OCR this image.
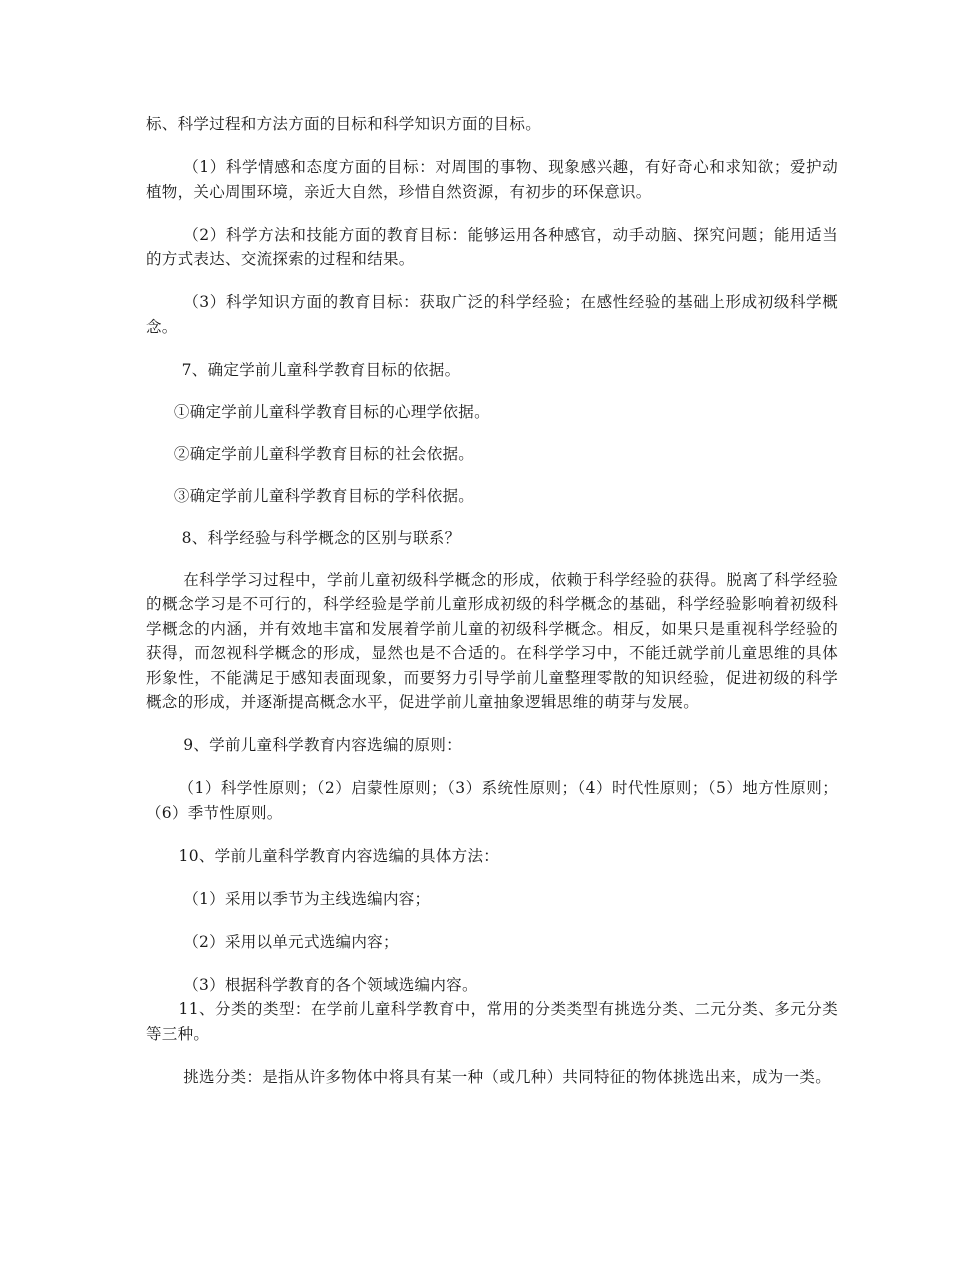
标、科学过程和方法方面的目标和科学知识方面的目标。

（1）科学情感和态度方面的目标：对周围的事物、现象感兴趣，有好奇心和求知欲；爱护动植物，关心周围环境，亲近大自然，珍惜自然资源，有初步的环保意识。

（2）科学方法和技能方面的教育目标：能够运用各种感官，动手动脑、探究问题；能用适当的方式表达、交流探索的过程和结果。

（3）科学知识方面的教育目标：获取广泛的科学经验；在感性经验的基础上形成初级科学概念。

7、确定学前儿童科学教育目标的依据。

①确定学前儿童科学教育目标的心理学依据。

②确定学前儿童科学教育目标的社会依据。

③确定学前儿童科学教育目标的学科依据。

8、科学经验与科学概念的区别与联系？

在科学学习过程中，学前儿童初级科学概念的形成，依赖于科学经验的获得。脱离了科学经验的概念学习是不可行的，科学经验是学前儿童形成初级的科学概念的基础，科学经验影响着初级科学概念的内涵，并有效地丰富和发展着学前儿童的初级科学概念。相反，如果只是重视科学经验的获得，而忽视科学概念的形成，显然也是不合适的。在科学学习中，不能迁就学前儿童思维的具体形象性，不能满足于感知表面现象，而要努力引导学前儿童整理零散的知识经验，促进初级的科学概念的形成，并逐渐提高概念水平，促进学前儿童抽象逻辑思维的萌芽与发展。

9、学前儿童科学教育内容选编的原则：

（1）科学性原则；（2）启蒙性原则；（3）系统性原则；（4）时代性原则；（5）地方性原则；（6）季节性原则。

10、学前儿童科学教育内容选编的具体方法：

（1）采用以季节为主线选编内容；

（2）采用以单元式选编内容；

（3）根据科学教育的各个领域选编内容。

11、分类的类型：在学前儿童科学教育中，常用的分类类型有挑选分类、二元分类、多元分类等三种。

挑选分类：是指从许多物体中将具有某一种（或几种）共同特征的物体挑选出来，成为一类。
